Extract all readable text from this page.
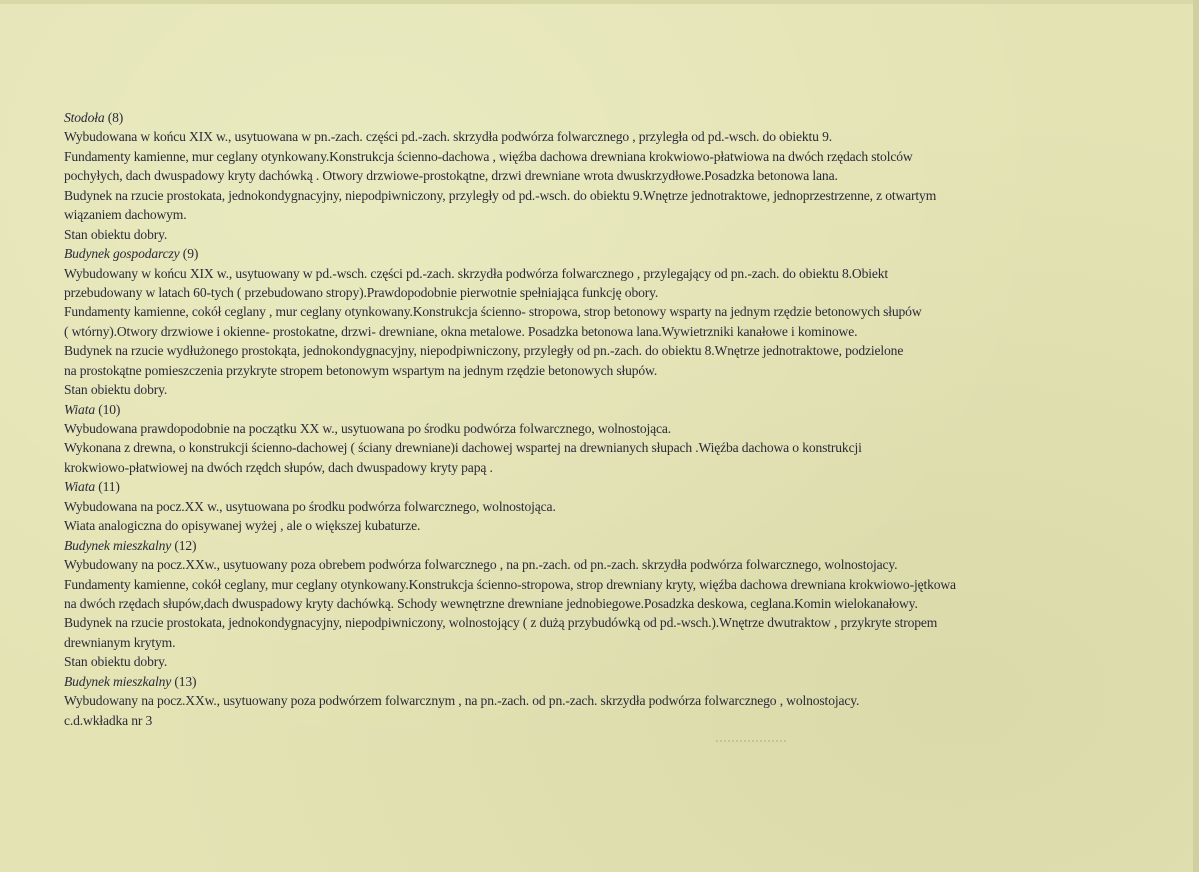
Stodoła (8)
Wybudowana w końcu XIX w., usytuowana w pn.-zach. części pd.-zach. skrzydła podwórza folwarcznego , przyległa od pd.-wsch. do obiektu 9.
Fundamenty kamienne, mur ceglany otynkowany.Konstrukcja ścienno-dachowa , więźba dachowa drewniana krokwiowo-płatwiowa na dwóch rzędach stolców
pochyłych, dach dwuspadowy kryty dachówką . Otwory drzwiowe-prostokątne, drzwi drewniane wrota dwuskrzydłowe.Posadzka betonowa lana.
Budynek na rzucie prostokata, jednokondygnacyjny, niepodpiwniczony, przyległy od pd.-wsch. do obiektu 9.Wnętrze jednotraktowe, jednoprzestrzenne, z otwartym
wiązaniem dachowym.
Stan obiektu dobry.
Budynek gospodarczy (9)
Wybudowany w końcu XIX w., usytuowany w pd.-wsch. części pd.-zach. skrzydła podwórza folwarcznego , przylegający od pn.-zach. do obiektu 8.Obiekt
przebudowany w latach 60-tych ( przebudowano stropy).Prawdopodobnie pierwotnie spełniająca funkcję obory.
Fundamenty kamienne, cokół ceglany , mur ceglany otynkowany.Konstrukcja ścienno- stropowa, strop betonowy wsparty na jednym rzędzie betonowych słupów
( wtórny).Otwory drzwiowe i okienne- prostokatne, drzwi- drewniane, okna metalowe. Posadzka betonowa lana.Wywietrzniki kanałowe i kominowe.
Budynek na rzucie wydłużonego prostokąta, jednokondygnacyjny, niepodpiwniczony, przyległy od pn.-zach. do obiektu 8.Wnętrze jednotraktowe, podzielone
na prostokątne pomieszczenia przykryte stropem betonowym wspartym na jednym rzędzie betonowych słupów.
Stan obiektu dobry.
Wiata (10)
Wybudowana prawdopodobnie na początku XX w., usytuowana po środku podwórza folwarcznego, wolnostojąca.
Wykonana z drewna, o konstrukcji ścienno-dachowej ( ściany drewniane)i dachowej wspartej na drewnianych słupach .Więźba dachowa o konstrukcji
krokwiowo-płatwiowej na dwóch rzędch słupów, dach dwuspadowy kryty papą .
Wiata (11)
Wybudowana na pocz.XX w., usytuowana po środku podwórza folwarcznego, wolnostojąca.
Wiata analogiczna do opisywanej wyżej , ale o większej kubaturze.
Budynek mieszkalny (12)
Wybudowany na pocz.XXw., usytuowany poza obrebem podwórza folwarcznego , na pn.-zach. od pn.-zach. skrzydła podwórza folwarcznego, wolnostojacy.
Fundamenty kamienne, cokół ceglany, mur ceglany otynkowany.Konstrukcja ścienno-stropowa, strop drewniany kryty, więźba dachowa drewniana krokwiowo-jętkowa
na dwóch rzędach słupów,dach dwuspadowy kryty dachówką. Schody wewnętrzne drewniane jednobiegowe.Posadzka deskowa, ceglana.Komin wielokanałowy.
Budynek na rzucie prostokata, jednokondygnacyjny, niepodpiwniczony, wolnostojący ( z dużą przybudówką od pd.-wsch.).Wnętrze dwutraktow , przykryte stropem
drewnianym krytym.
Stan obiektu dobry.
Budynek mieszkalny (13)
Wybudowany na pocz.XXw., usytuowany poza podwórzem folwarcznym , na pn.-zach. od pn.-zach. skrzydła podwórza folwarcznego , wolnostojacy.
c.d.wkładka nr 3
